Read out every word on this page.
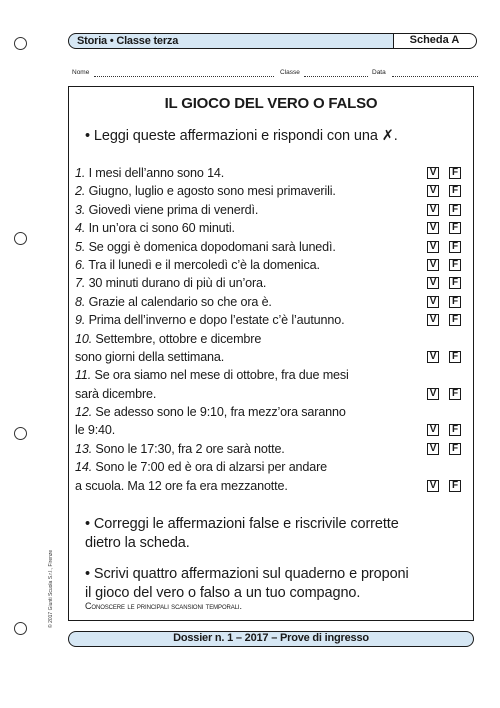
Storia • Classe terza	Scheda A
Nome	Classe	Data
IL GIOCO DEL VERO O FALSO
• Leggi queste affermazioni e rispondi con una ✗.
1. I mesi dell’anno sono 14.	V	F
2. Giugno, luglio e agosto sono mesi primaverili.	V	F
3. Giovedì viene prima di venerdì.	V	F
4. In un’ora ci sono 60 minuti.	V	F
5. Se oggi è domenica dopodomani sarà lunedì.	V	F
6. Tra il lunedì e il mercoledì c’è la domenica.	V	F
7. 30 minuti durano di più di un’ora.	V	F
8. Grazie al calendario so che ora è.	V	F
9. Prima dell’inverno e dopo l’estate c’è l’autunno.	V	F
10. Settembre, ottobre e dicembre
sono giorni della settimana.	V	F
11. Se ora siamo nel mese di ottobre, fra due mesi
sarà dicembre.	V	F
12. Se adesso sono le 9:10, fra mezz’ora saranno
le 9:40.	V	F
13. Sono le 17:30, fra 2 ore sarà notte.	V	F
14. Sono le 7:00 ed è ora di alzarsi per andare
a scuola. Ma 12 ore fa era mezzanotte.	V	F
• Correggi le affermazioni false e riscrivile corrette
dietro la scheda.
• Scrivi quattro affermazioni sul quaderno e proponi
il gioco del vero o falso a un tuo compagno.
Conoscere le principali scansioni temporali.
© 2017 Giunti Scuola S.r.l., Firenze
Dossier n. 1 – 2017 – Prove di ingresso
